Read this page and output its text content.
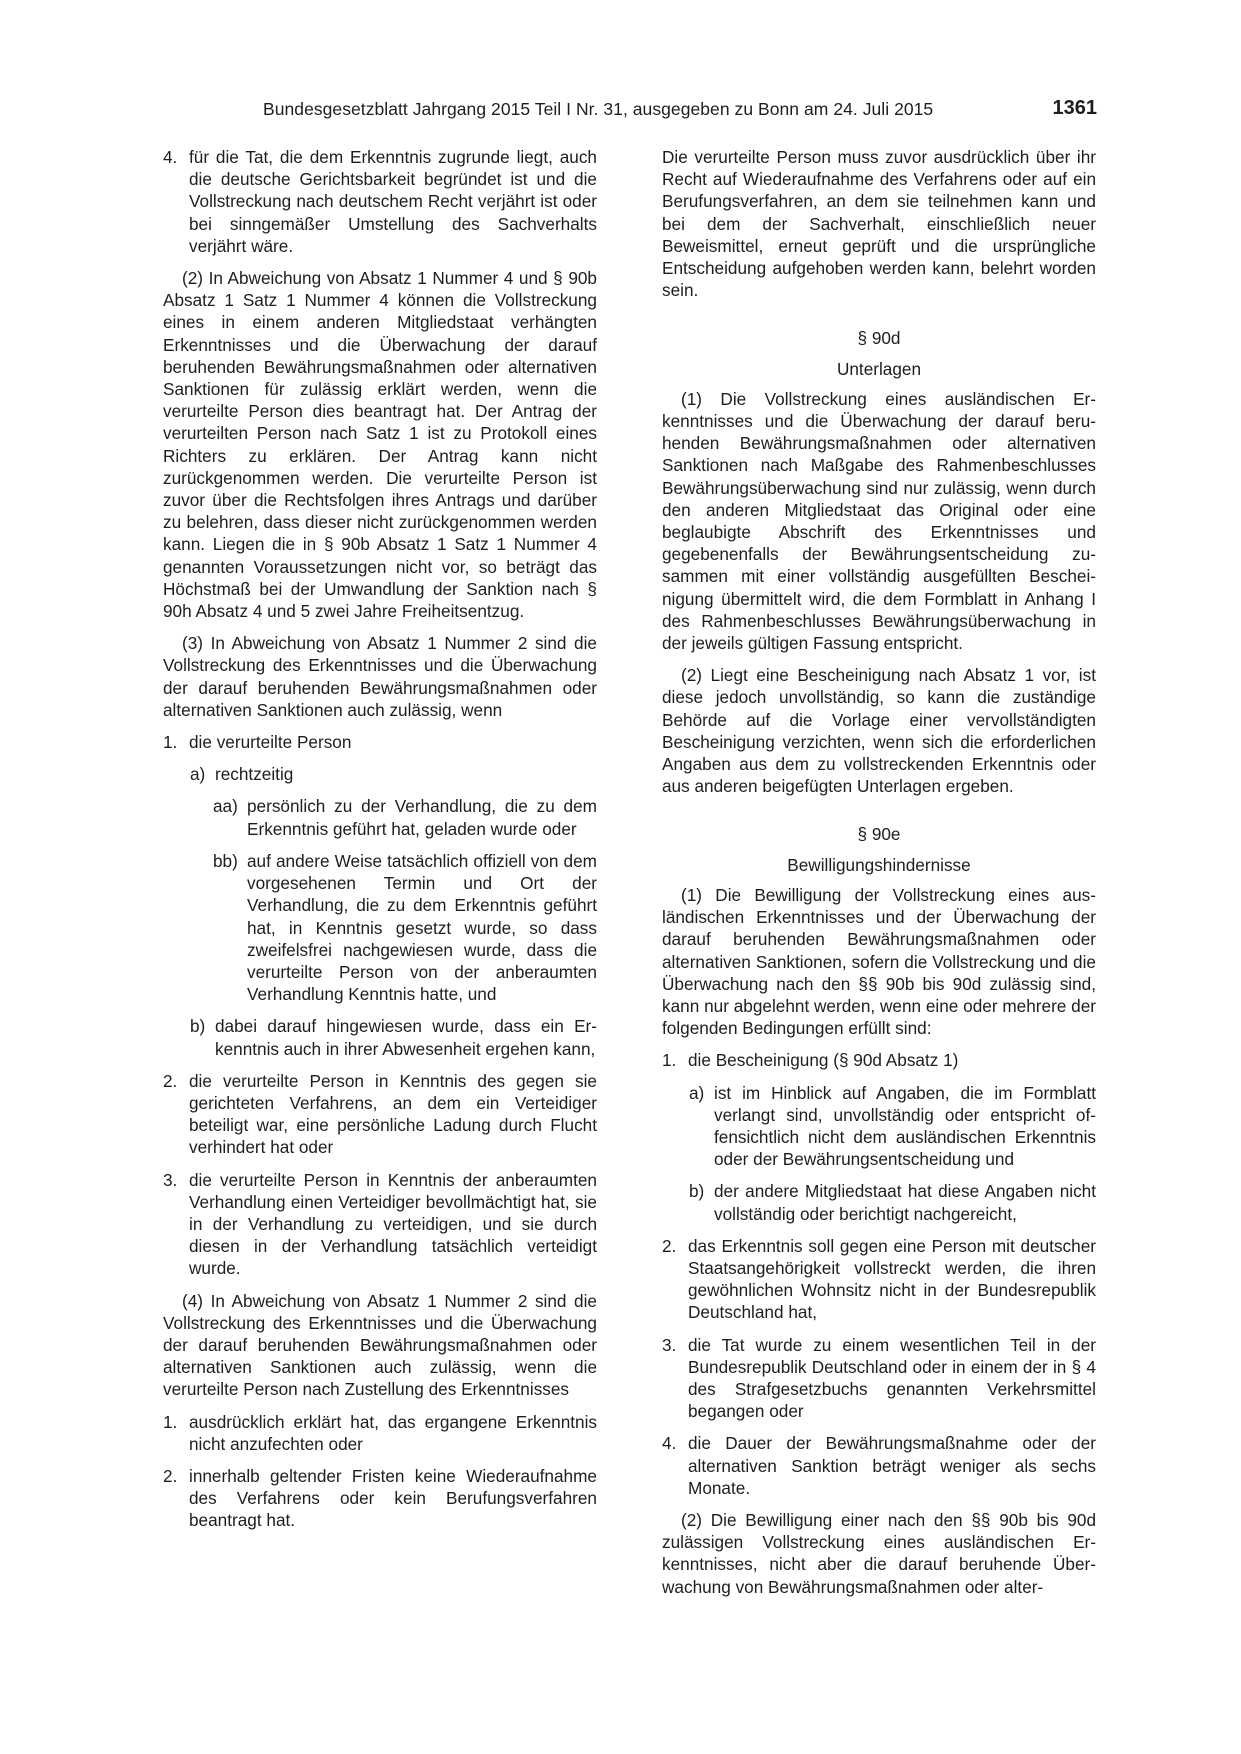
Bundesgesetzblatt Jahrgang 2015 Teil I Nr. 31, ausgegeben zu Bonn am 24. Juli 2015	1361
4. für die Tat, die dem Erkenntnis zugrunde liegt, auch die deutsche Gerichtsbarkeit begründet ist und die Vollstreckung nach deutschem Recht verjährt ist oder bei sinngemäßer Umstellung des Sachverhalts verjährt wäre.

(2) In Abweichung von Absatz 1 Nummer 4 und § 90b Absatz 1 Satz 1 Nummer 4 können die Vollstreckung eines in einem anderen Mitgliedstaat verhängten Erkenntnisses und die Überwachung der darauf beruhenden Bewährungsmaßnahmen oder alternativen Sanktionen für zulässig erklärt werden, wenn die verurteilte Person dies beantragt hat. Der Antrag der verurteilten Person nach Satz 1 ist zu Protokoll eines Richters zu erklären. Der Antrag kann nicht zurückgenommen werden. Die verurteilte Person ist zuvor über die Rechtsfolgen ihres Antrags und darüber zu belehren, dass dieser nicht zurückgenommen werden kann. Liegen die in § 90b Absatz 1 Satz 1 Nummer 4 genannten Voraussetzungen nicht vor, so beträgt das Höchstmaß bei der Umwandlung der Sanktion nach § 90h Absatz 4 und 5 zwei Jahre Freiheitsentzug.

(3) In Abweichung von Absatz 1 Nummer 2 sind die Vollstreckung des Erkenntnisses und die Überwachung der darauf beruhenden Bewährungsmaßnahmen oder alternativen Sanktionen auch zulässig, wenn

1. die verurteilte Person
a) rechtzeitig
aa) persönlich zu der Verhandlung, die zu dem Erkenntnis geführt hat, geladen wurde oder
bb) auf andere Weise tatsächlich offiziell von dem vorgesehenen Termin und Ort der Verhandlung, die zu dem Erkenntnis geführt hat, in Kenntnis gesetzt wurde, so dass zweifelsfrei nachgewiesen wurde, dass die verurteilte Person von der anberaumten Verhandlung Kenntnis hatte, und
b) dabei darauf hingewiesen wurde, dass ein Erkenntnis auch in ihrer Abwesenheit ergehen kann,
2. die verurteilte Person in Kenntnis des gegen sie gerichteten Verfahrens, an dem ein Verteidiger beteiligt war, eine persönliche Ladung durch Flucht verhindert hat oder
3. die verurteilte Person in Kenntnis der anberaumten Verhandlung einen Verteidiger bevollmächtigt hat, sie in der Verhandlung zu verteidigen, und sie durch diesen in der Verhandlung tatsächlich verteidigt wurde.

(4) In Abweichung von Absatz 1 Nummer 2 sind die Vollstreckung des Erkenntnisses und die Überwachung der darauf beruhenden Bewährungsmaßnahmen oder alternativen Sanktionen auch zulässig, wenn die verurteilte Person nach Zustellung des Erkenntnisses

1. ausdrücklich erklärt hat, das ergangene Erkenntnis nicht anzufechten oder
2. innerhalb geltender Fristen keine Wiederaufnahme des Verfahrens oder kein Berufungsverfahren beantragt hat.

Die verurteilte Person muss zuvor ausdrücklich über ihr Recht auf Wiederaufnahme des Verfahrens oder auf ein Berufungsverfahren, an dem sie teilnehmen kann und bei dem der Sachverhalt, einschließlich neuer Beweismittel, erneut geprüft und die ursprüngliche Entscheidung aufgehoben werden kann, belehrt worden sein.

§ 90d
Unterlagen

(1) Die Vollstreckung eines ausländischen Erkenntnisses und die Überwachung der darauf beruhenden Bewährungsmaßnahmen oder alternativen Sanktionen nach Maßgabe des Rahmenbeschlusses Bewährungsüberwachung sind nur zulässig, wenn durch den anderen Mitgliedstaat das Original oder eine beglaubigte Abschrift des Erkenntnisses und gegebenenfalls der Bewährungsentscheidung zusammen mit einer vollständig ausgefüllten Bescheinigung übermittelt wird, die dem Formblatt in Anhang I des Rahmenbeschlusses Bewährungsüberwachung in der jeweils gültigen Fassung entspricht.

(2) Liegt eine Bescheinigung nach Absatz 1 vor, ist diese jedoch unvollständig, so kann die zuständige Behörde auf die Vorlage einer vervollständigten Bescheinigung verzichten, wenn sich die erforderlichen Angaben aus dem zu vollstreckenden Erkenntnis oder aus anderen beigefügten Unterlagen ergeben.

§ 90e
Bewilligungshindernisse

(1) Die Bewilligung der Vollstreckung eines ausländischen Erkenntnisses und der Überwachung der darauf beruhenden Bewährungsmaßnahmen oder alternativen Sanktionen, sofern die Vollstreckung und die Überwachung nach den §§ 90b bis 90d zulässig sind, kann nur abgelehnt werden, wenn eine oder mehrere der folgenden Bedingungen erfüllt sind:

1. die Bescheinigung (§ 90d Absatz 1)
a) ist im Hinblick auf Angaben, die im Formblatt verlangt sind, unvollständig oder entspricht offensichtlich nicht dem ausländischen Erkenntnis oder der Bewährungsentscheidung und
b) der andere Mitgliedstaat hat diese Angaben nicht vollständig oder berichtigt nachgereicht,
2. das Erkenntnis soll gegen eine Person mit deutscher Staatsangehörigkeit vollstreckt werden, die ihren gewöhnlichen Wohnsitz nicht in der Bundesrepublik Deutschland hat,
3. die Tat wurde zu einem wesentlichen Teil in der Bundesrepublik Deutschland oder in einem der in § 4 des Strafgesetzbuchs genannten Verkehrsmittel begangen oder
4. die Dauer der Bewährungsmaßnahme oder der alternativen Sanktion beträgt weniger als sechs Monate.

(2) Die Bewilligung einer nach den §§ 90b bis 90d zulässigen Vollstreckung eines ausländischen Erkenntnisses, nicht aber die darauf beruhende Überwachung von Bewährungsmaßnahmen oder alter-
